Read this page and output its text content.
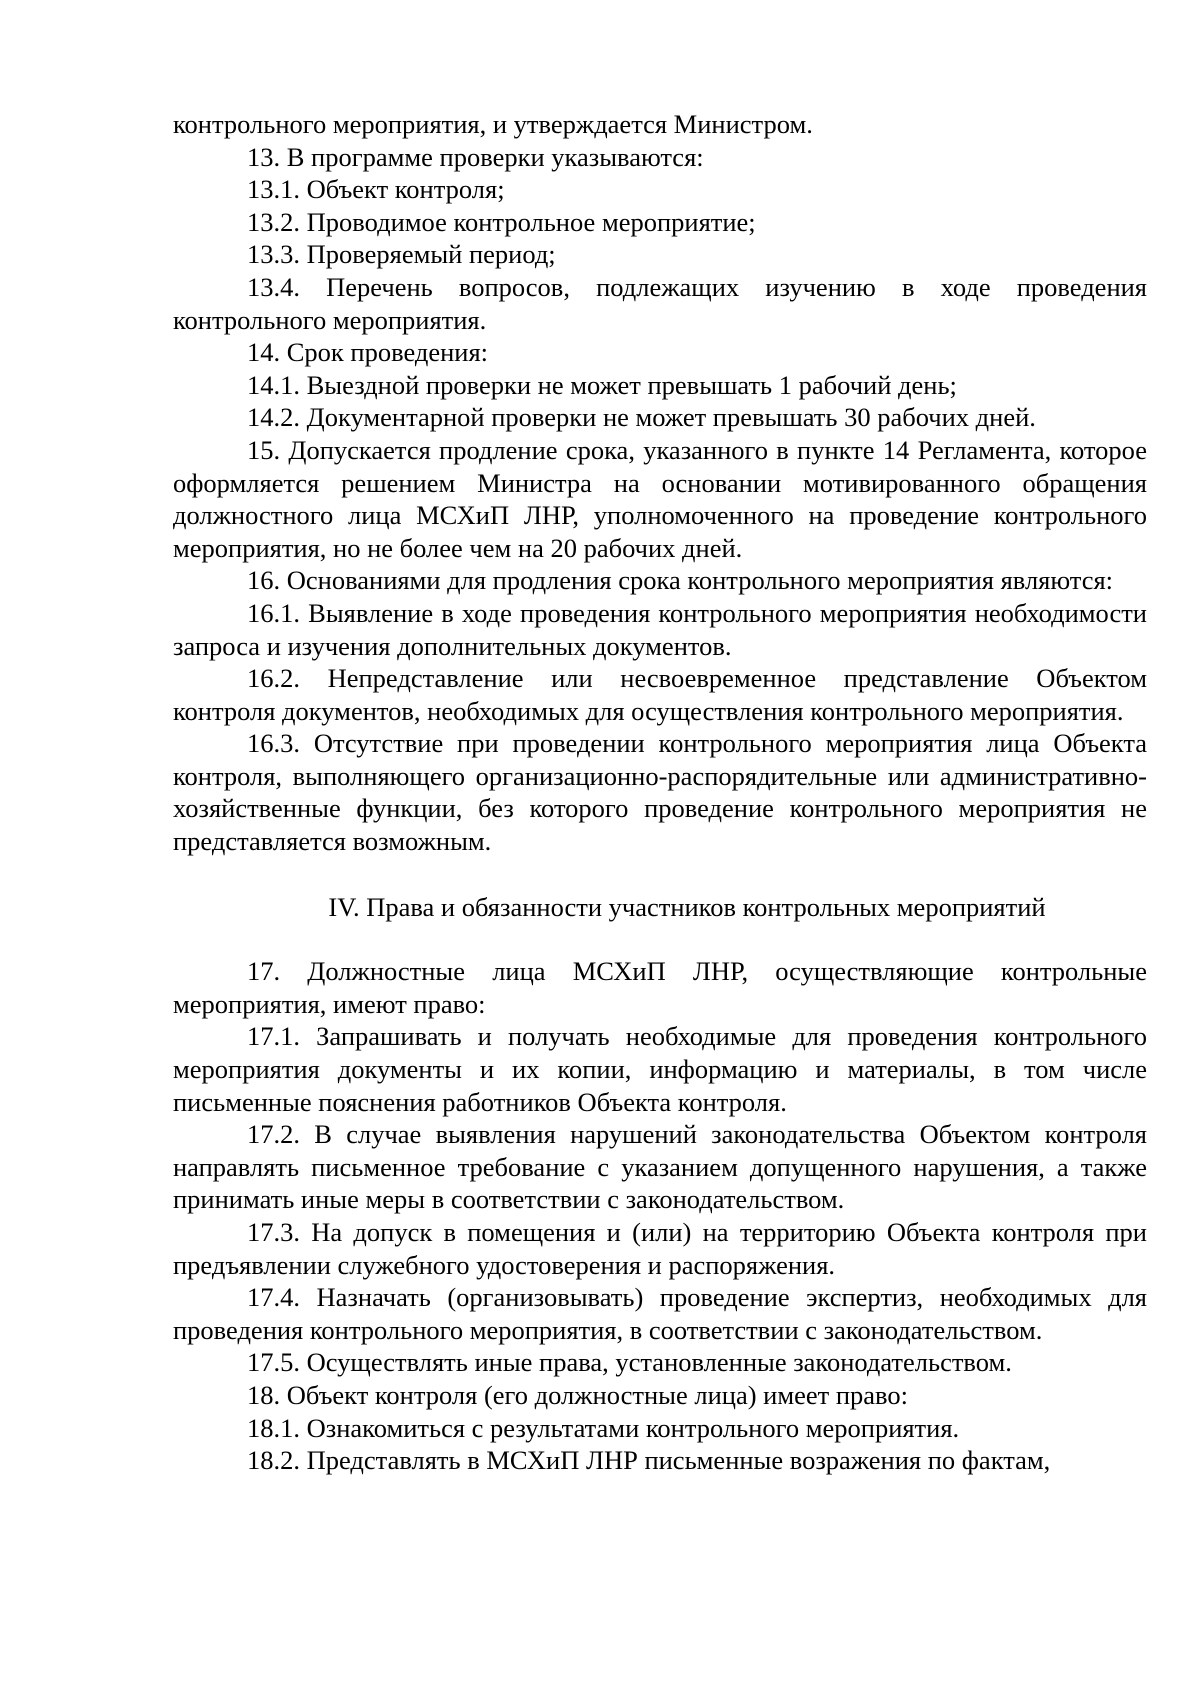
контрольного мероприятия, и утверждается Министром.

13. В программе проверки указываются:

13.1. Объект контроля;

13.2. Проводимое контрольное мероприятие;

13.3. Проверяемый период;

13.4. Перечень вопросов, подлежащих изучению в ходе проведения контрольного мероприятия.

14. Срок проведения:

14.1. Выездной проверки не может превышать 1 рабочий день;

14.2. Документарной проверки не может превышать 30 рабочих дней.

15. Допускается продление срока, указанного в пункте 14 Регламента, которое оформляется решением Министра на основании мотивированного обращения должностного лица МСХиП ЛНР, уполномоченного на проведение контрольного мероприятия, но не более чем на 20 рабочих дней.

16. Основаниями для продления срока контрольного мероприятия являются:

16.1. Выявление в ходе проведения контрольного мероприятия необходимости запроса и изучения дополнительных документов.

16.2. Непредставление или несвоевременное представление Объектом контроля документов, необходимых для осуществления контрольного мероприятия.

16.3. Отсутствие при проведении контрольного мероприятия лица Объекта контроля, выполняющего организационно-распорядительные или административно-хозяйственные функции, без которого проведение контрольного мероприятия не представляется возможным.

IV. Права и обязанности участников контрольных мероприятий

17. Должностные лица МСХиП ЛНР, осуществляющие контрольные мероприятия, имеют право:

17.1. Запрашивать и получать необходимые для проведения контрольного мероприятия документы и их копии, информацию и материалы, в том числе письменные пояснения работников Объекта контроля.

17.2. В случае выявления нарушений законодательства Объектом контроля направлять письменное требование с указанием допущенного нарушения, а также принимать иные меры в соответствии с законодательством.

17.3. На допуск в помещения и (или) на территорию Объекта контроля при предъявлении служебного удостоверения и распоряжения.

17.4. Назначать (организовывать) проведение экспертиз, необходимых для проведения контрольного мероприятия, в соответствии с законодательством.

17.5. Осуществлять иные права, установленные законодательством.

18. Объект контроля (его должностные лица) имеет право:

18.1. Ознакомиться с результатами контрольного мероприятия.

18.2. Представлять в МСХиП ЛНР письменные возражения по фактам,
